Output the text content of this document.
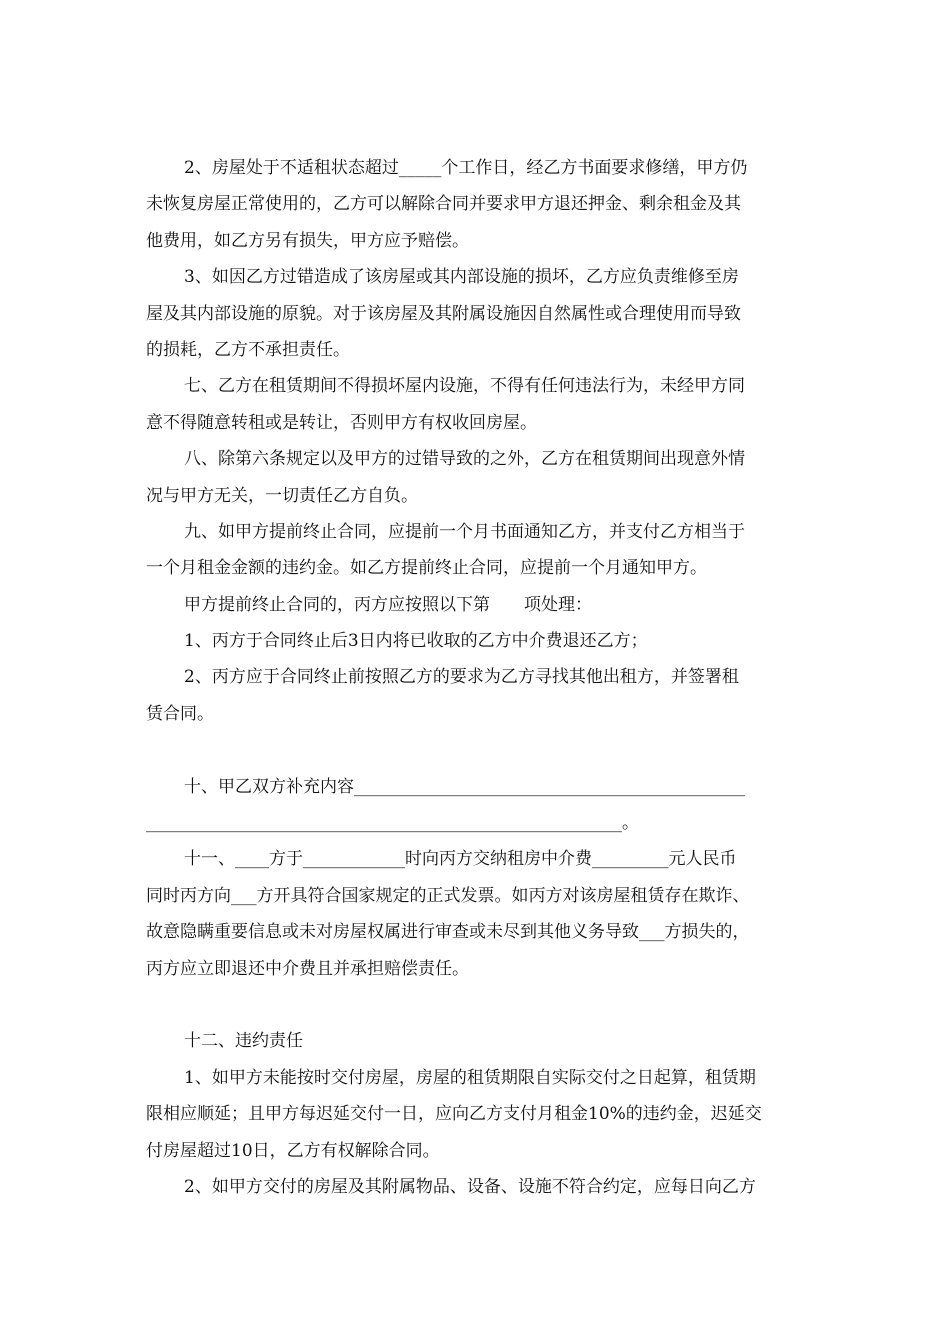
2、房屋处于不适租状态超过_____个工作日，经乙方书面要求修缮，甲方仍
未恢复房屋正常使用的，乙方可以解除合同并要求甲方退还押金、剩余租金及其
他费用，如乙方另有损失，甲方应予赔偿。
3、如因乙方过错造成了该房屋或其内部设施的损坏，乙方应负责维修至房
屋及其内部设施的原貌。对于该房屋及其附属设施因自然属性或合理使用而导致
的损耗，乙方不承担责任。
七、乙方在租赁期间不得损坏屋内设施，不得有任何违法行为，未经甲方同
意不得随意转租或是转让，否则甲方有权收回房屋。
八、除第六条规定以及甲方的过错导致的之外，乙方在租赁期间出现意外情
况与甲方无关，一切责任乙方自负。
九、如甲方提前终止合同，应提前一个月书面通知乙方，并支付乙方相当于
一个月租金金额的违约金。如乙方提前终止合同，应提前一个月通知甲方。
甲方提前终止合同的，丙方应按照以下第　　项处理：
1、丙方于合同终止后3日内将已收取的乙方中介费退还乙方；
2、丙方应于合同终止前按照乙方的要求为乙方寻找其他出租方，并签署租
赁合同。
十、甲乙双方补充内容______________________________________________
________________________________________________________。
十一、____方于____________时向丙方交纳租房中介费_________元人民币
同时丙方向___方开具符合国家规定的正式发票。如丙方对该房屋租赁存在欺诈、
故意隐瞒重要信息或未对房屋权属进行审查或未尽到其他义务导致___方损失的，
丙方应立即退还中介费且并承担赔偿责任。
十二、违约责任
1、如甲方未能按时交付房屋，房屋的租赁期限自实际交付之日起算，租赁期
限相应顺延；且甲方每迟延交付一日，应向乙方支付月租金10%的违约金，迟延交
付房屋超过10日，乙方有权解除合同。
2、如甲方交付的房屋及其附属物品、设备、设施不符合约定，应每日向乙方
